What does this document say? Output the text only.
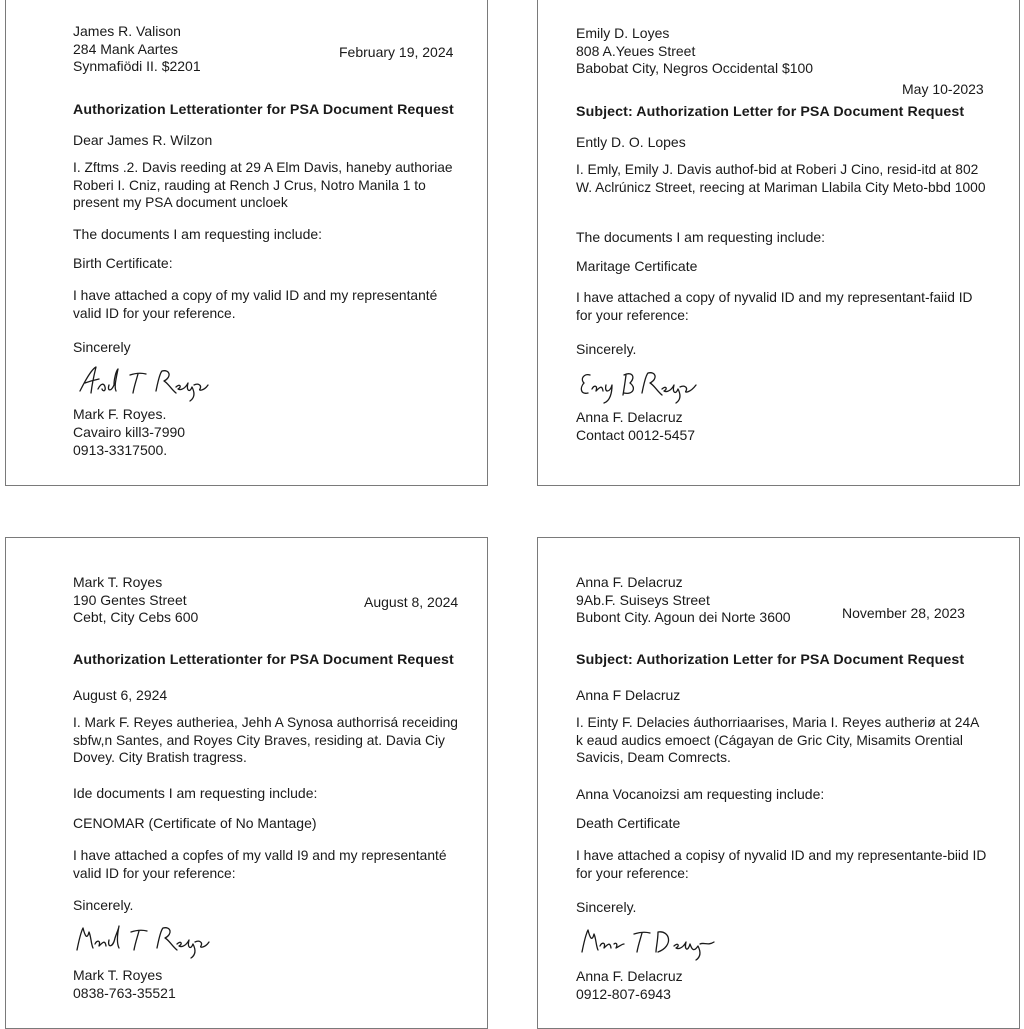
James R. Valison
284 Mank Aartes
Synmafiödi II. $2201
February 19, 2024
Authorization Letterationter for PSA Document Request
Dear James R. Wilzon
I. Zftms .2. Davis reeding at 29 A Elm Davis, haneby authoriae Roberi I. Cniz, rauding at Rench J Crus, Notro Manila 1 to present my PSA document uncloek
The documents I am requesting include:
Birth Certificate:
I have attached a copy of my valid ID and my representanté valid ID for your reference.
Sincerely
Mark F. Royes.
Cavairo kill3-7990
0913-3317500.
Emily D. Loyes
808 A.Yeues Street
Babobat City, Negros Occidental $100
May 10-2023
Subject: Authorization Letter for PSA Document Request
Ently D. O. Lopes
I. Emly, Emily J. Davis authof-bid at Roberi J Cino, resid-itd at 802 W. Aclrúnicz Street, reecing at Mariman Llabila City Meto-bbd 1000
The documents I am requesting include:
Maritage Certificate
I have attached a copy of nyvalid ID and my representant-faiid ID for your reference:
Sincerely.
Anna F. Delacruz
Contact 0012-5457
Mark T. Royes
190 Gentes Street
Cebt, City Cebs 600
August 8, 2024
Authorization Letterationter for PSA Document Request
August 6, 2924
I. Mark F. Reyes autheriea, Jehh A Synosa authorrisá receiding sbfw,n Santes, and Royes City Braves, residing at. Davia Ciy Dovey. City Bratish tragress.
Ide documents I am requesting include:
CENOMAR (Certificate of No Mantage)
I have attached a copfes of my valld I9 and my representanté valid ID for your reference:
Sincerely.
Mark T. Royes
0838-763-35521
Anna F. Delacruz
9Ab.F. Suiseys Street
Bubont City. Agoun dei Norte 3600	November 28, 2023
Subject: Authorization Letter for PSA Document Request
Anna F Delacruz
I. Einty F. Delacies áuthorriaarises, Maria I. Reyes autheriø at 24A k eaud audics emoect (Cágayan de Gric City, Misamits Orential Savicis, Deam Comrects.
Anna Vocanoizsi am requesting include:
Death Certificate
I have attached a copisy of nyvalid ID and my representante-biid ID for your reference:
Sincerely.
Anna F. Delacruz
0912-807-6943
